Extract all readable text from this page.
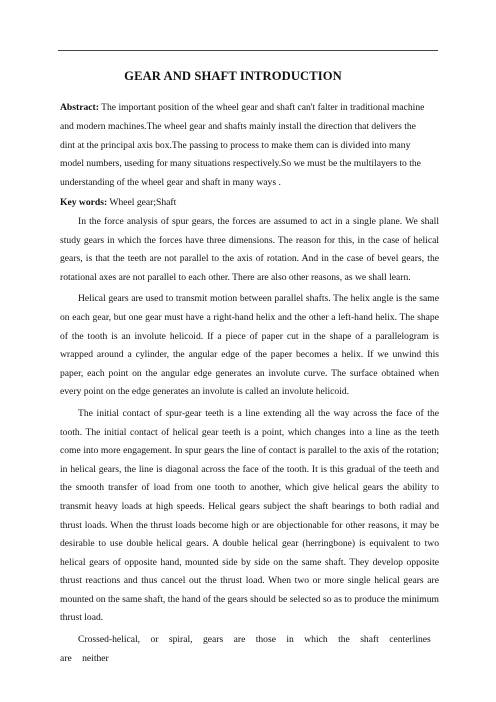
GEAR AND SHAFT INTRODUCTION
Abstract: The important position of the wheel gear and shaft can't falter in traditional machine and modern machines.The wheel gear and shafts mainly install the direction that delivers the dint at the principal axis box.The passing to process to make them can is divided into many model numbers, useding for many situations respectively.So we must be the multilayers to the understanding of the wheel gear and shaft in many ways .
Key words: Wheel gear;Shaft

In the force analysis of spur gears, the forces are assumed to act in a single plane. We shall study gears in which the forces have three dimensions. The reason for this, in the case of helical gears, is that the teeth are not parallel to the axis of rotation. And in the case of bevel gears, the rotational axes are not parallel to each other. There are also other reasons, as we shall learn.

Helical gears are used to transmit motion between parallel shafts. The helix angle is the same on each gear, but one gear must have a right-hand helix and the other a left-hand helix. The shape of the tooth is an involute helicoid. If a piece of paper cut in the shape of a parallelogram is wrapped around a cylinder, the angular edge of the paper becomes a helix. If we unwind this paper, each point on the angular edge generates an involute curve. The surface obtained when every point on the edge generates an involute is called an involute helicoid.

The initial contact of spur-gear teeth is a line extending all the way across the face of the tooth. The initial contact of helical gear teeth is a point, which changes into a line as the teeth come into more engagement. In spur gears the line of contact is parallel to the axis of the rotation; in helical gears, the line is diagonal across the face of the tooth. It is this gradual of the teeth and the smooth transfer of load from one tooth to another, which give helical gears the ability to transmit heavy loads at high speeds. Helical gears subject the shaft bearings to both radial and thrust loads. When the thrust loads become high or are objectionable for other reasons, it may be desirable to use double helical gears. A double helical gear (herringbone) is equivalent to two helical gears of opposite hand, mounted side by side on the same shaft. They develop opposite thrust reactions and thus cancel out the thrust load. When two or more single helical gears are mounted on the same shaft, the hand of the gears should be selected so as to produce the minimum thrust load.

Crossed-helical, or spiral, gears are those in which the shaft centerlines are neither
